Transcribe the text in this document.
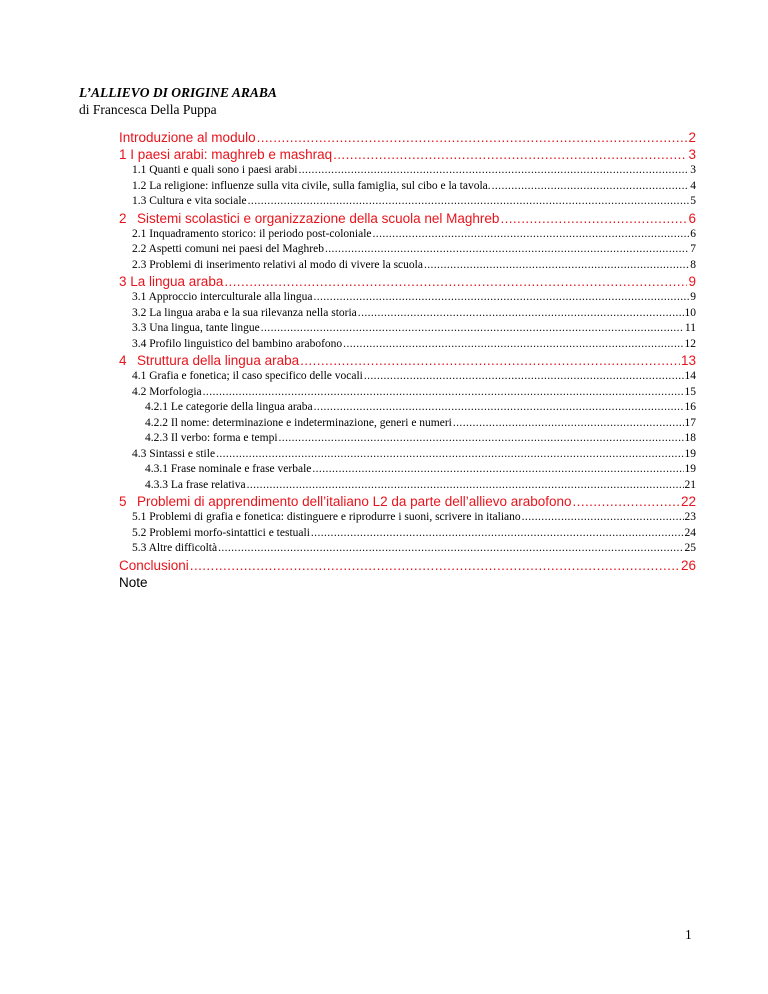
L’ALLIEVO DI ORIGINE ARABA
di Francesca Della Puppa
Introduzione al modulo .....	2
1 I paesi arabi: maghreb e mashraq .....	3
1.1 Quanti e quali sono i paesi arabi .....	3
1.2 La religione: influenze sulla vita civile, sulla famiglia, sul cibo e la tavola. .....	4
1.3 Cultura e vita sociale .....	5
2 Sistemi scolastici e organizzazione della scuola nel Maghreb .....	6
2.1 Inquadramento storico: il periodo post-coloniale .....	6
2.2 Aspetti comuni nei paesi del Maghreb .....	7
2.3 Problemi di inserimento relativi al modo di vivere la scuola .....	8
3 La lingua araba .....	9
3.1 Approccio interculturale alla lingua .....	9
3.2 La lingua araba e la sua rilevanza nella storia .....	10
3.3 Una lingua, tante lingue .....	11
3.4 Profilo linguistico del bambino arabofono .....	12
4 Struttura della lingua araba .....	13
4.1 Grafia e fonetica; il caso specifico delle vocali .....	14
4.2 Morfologia .....	15
4.2.1 Le categorie della lingua araba .....	16
4.2.2 Il nome: determinazione e indeterminazione, generi e numeri .....	17
4.2.3 Il verbo: forma e tempi .....	18
4.3 Sintassi e stile .....	19
4.3.1 Frase nominale e frase verbale .....	19
4.3.3 La frase relativa .....	21
5 Problemi di apprendimento dell’italiano L2 da parte dell’allievo arabofono .....	22
5.1 Problemi di grafia e fonetica: distinguere e riprodurre i suoni, scrivere in italiano .....	23
5.2 Problemi morfo-sintattici e testuali .....	24
5.3 Altre difficoltà .....	25
Conclusioni .....	26
Note
1
